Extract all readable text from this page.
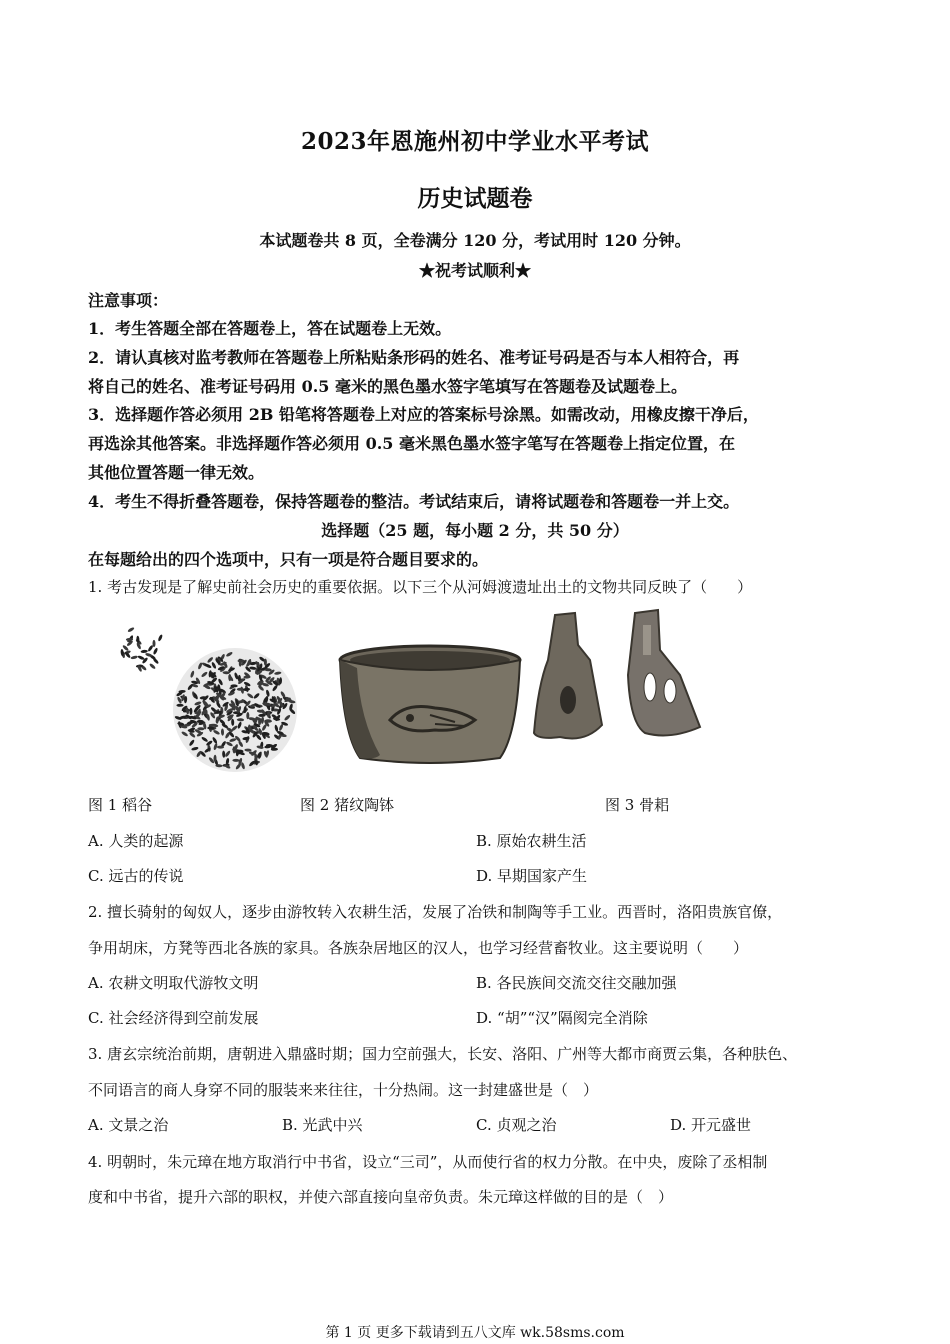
2023年恩施州初中学业水平考试
历史试题卷
本试题卷共 8 页，全卷满分 120 分，考试用时 120 分钟。
★祝考试顺利★
注意事项：
1．考生答题全部在答题卷上，答在试题卷上无效。
2．请认真核对监考教师在答题卷上所粘贴条形码的姓名、准考证号码是否与本人相符合，再
将自己的姓名、准考证号码用 0.5 毫米的黑色墨水签字笔填写在答题卷及试题卷上。
3．选择题作答必须用 2B 铅笔将答题卷上对应的答案标号涂黑。如需改动，用橡皮擦干净后，
再选涂其他答案。非选择题作答必须用 0.5 毫米黑色墨水签字笔写在答题卷上指定位置，在
其他位置答题一律无效。
4．考生不得折叠答题卷，保持答题卷的整洁。考试结束后，请将试题卷和答题卷一并上交。
选择题（25 题，每小题 2 分，共 50 分）
在每题给出的四个选项中，只有一项是符合题目要求的。
1. 考古发现是了解史前社会历史的重要依据。以下三个从河姆渡遗址出土的文物共同反映了（　　）
图 1 稻谷	图 2 猪纹陶钵	图 3 骨耜
A. 人类的起源	B. 原始农耕生活
C. 远古的传说	D. 早期国家产生
2. 擅长骑射的匈奴人，逐步由游牧转入农耕生活，发展了冶铁和制陶等手工业。西晋时，洛阳贵族官僚，
争用胡床，方凳等西北各族的家具。各族杂居地区的汉人，也学习经营畜牧业。这主要说明（　　）
A. 农耕文明取代游牧文明	B. 各民族间交流交往交融加强
C. 社会经济得到空前发展	D. “胡”“汉”隔阂完全消除
3. 唐玄宗统治前期，唐朝进入鼎盛时期；国力空前强大，长安、洛阳、广州等大都市商贾云集，各种肤色、
不同语言的商人身穿不同的服装来来往往，十分热闹。这一封建盛世是（　）
A. 文景之治	B. 光武中兴	C. 贞观之治	D. 开元盛世
4. 明朝时，朱元璋在地方取消行中书省，设立“三司”，从而使行省的权力分散。在中央，废除了丞相制
度和中书省，提升六部的职权，并使六部直接向皇帝负责。朱元璋这样做的目的是（　）
第 1 页 更多下载请到五八文库 wk.58sms.com
